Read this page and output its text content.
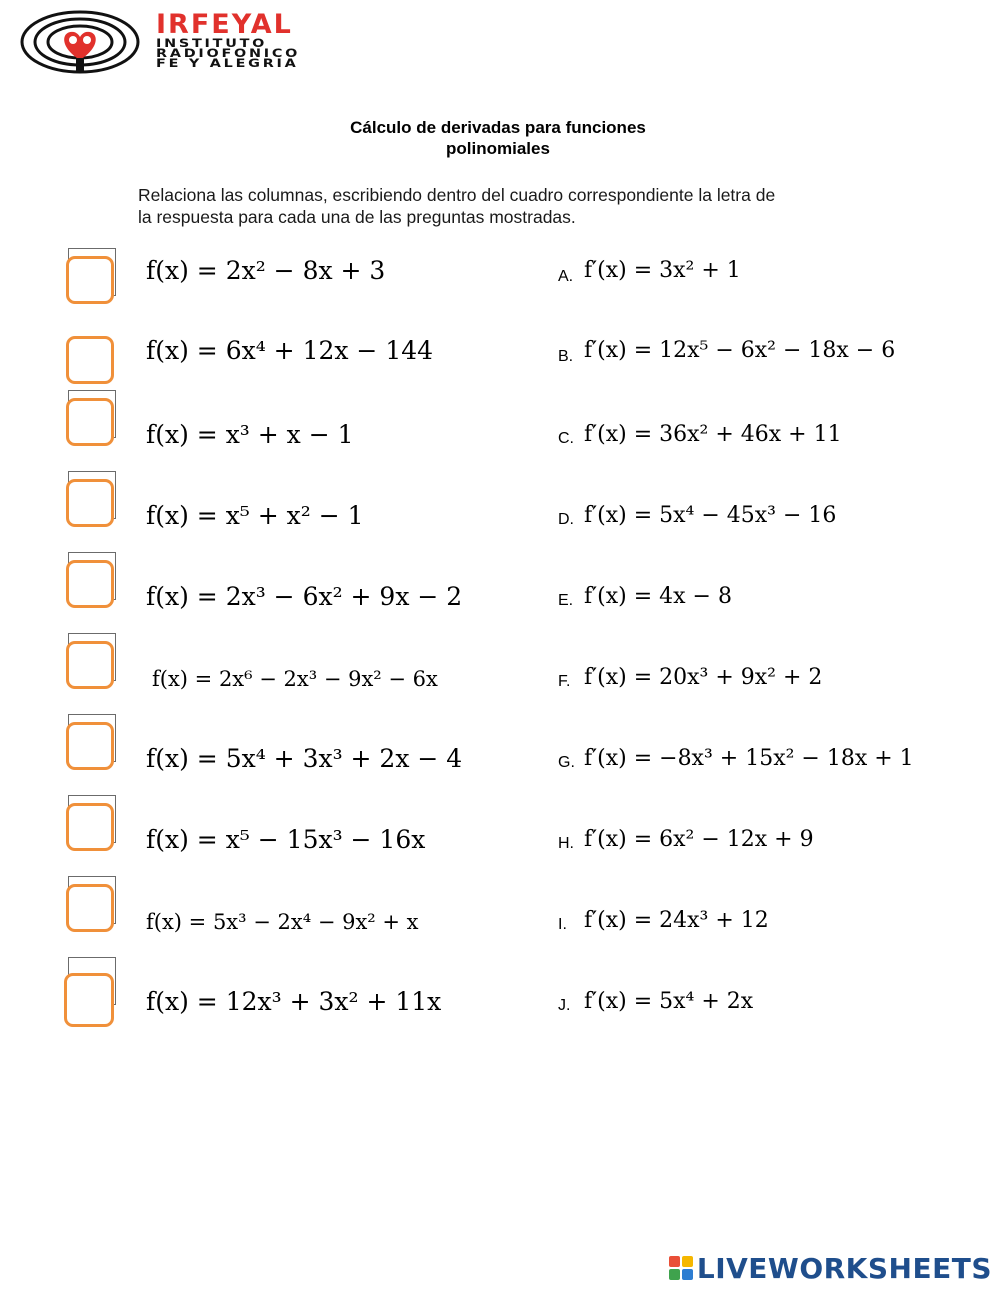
IRFEYAL
INSTITUTO
RADIOFONICO
FE Y ALEGRIA
Cálculo de derivadas para funciones
polinomiales
Relaciona las columnas, escribiendo dentro del cuadro correspondiente la letra de
la respuesta para cada una de las preguntas mostradas.
f(x) = 2x² − 8x + 3	A. f′(x) = 3x² + 1
f(x) = 6x⁴ + 12x − 144	B. f′(x) = 12x⁵ − 6x² − 18x − 6
f(x) = x³ + x − 1	C. f′(x) = 36x² + 46x + 11
f(x) = x⁵ + x² − 1	D. f′(x) = 5x⁴ − 45x³ − 16
f(x) = 2x³ − 6x² + 9x − 2	E. f′(x) = 4x − 8
f(x) = 2x⁶ − 2x³ − 9x² − 6x	F. f′(x) = 20x³ + 9x² + 2
f(x) = 5x⁴ + 3x³ + 2x − 4	G. f′(x) = −8x³ + 15x² − 18x + 1
f(x) = x⁵ − 15x³ − 16x	H. f′(x) = 6x² − 12x + 9
f(x) = 5x³ − 2x⁴ − 9x² + x	I. f′(x) = 24x³ + 12
f(x) = 12x³ + 3x² + 11x	J. f′(x) = 5x⁴ + 2x
LIVEWORKSHEETS
